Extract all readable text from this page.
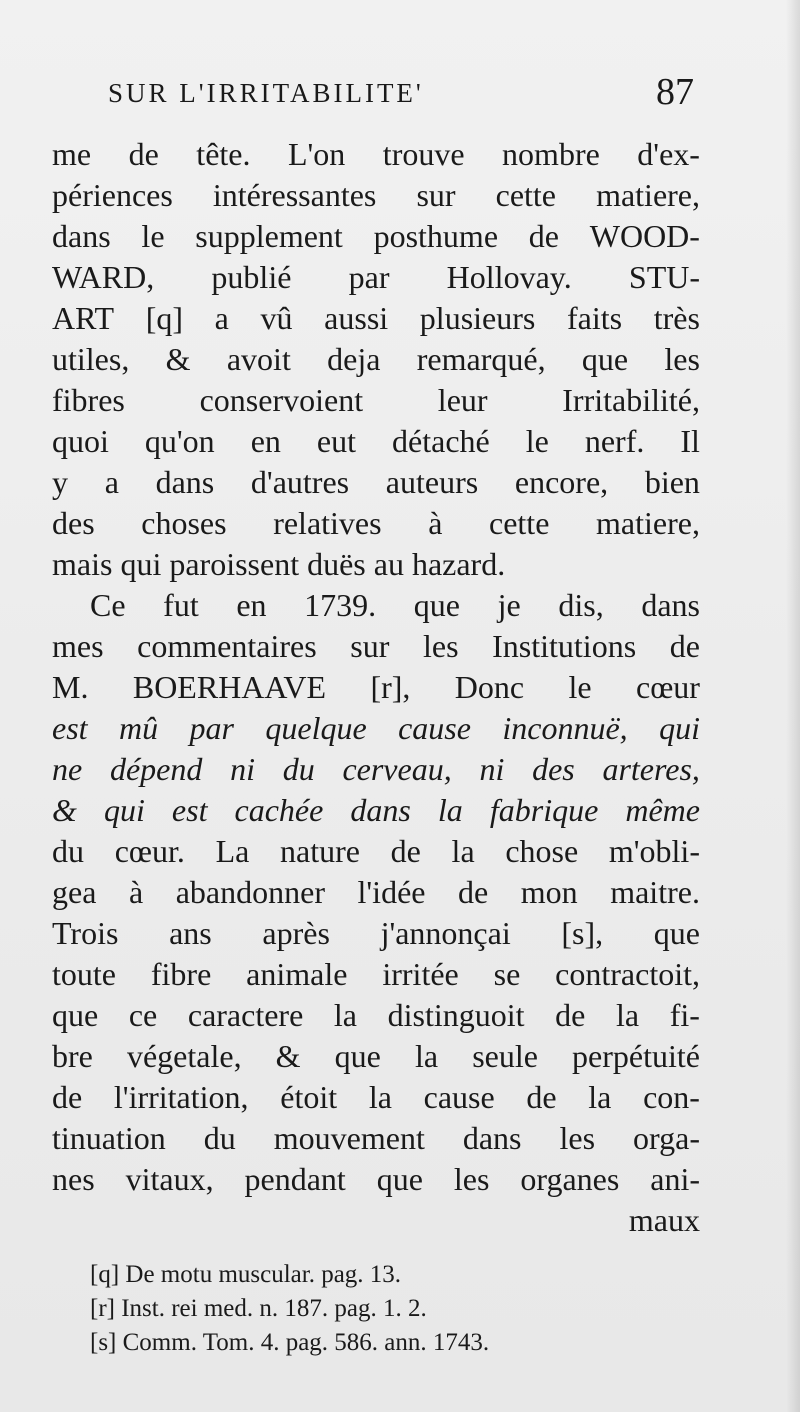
SUR L'IRRITABILITE'	87
me de tête. L'on trouve nombre d'ex-
périences intéressantes sur cette matiere,
dans le supplement posthume de WOOD-
WARD, publié par Hollovay. STU-
ART [q] a vû aussi plusieurs faits très
utiles, & avoit deja remarqué, que les
fibres conservoient leur Irritabilité,
quoi qu'on en eut détaché le nerf. Il
y a dans d'autres auteurs encore, bien
des choses relatives à cette matiere,
mais qui paroissent duës au hazard.
Ce fut en 1739. que je dis, dans
mes commentaires sur les Institutions de
M. BOERHAAVE [r], Donc le cœur
est mû par quelque cause inconnuë, qui
ne dépend ni du cerveau, ni des arteres,
& qui est cachée dans la fabrique même
du cœur. La nature de la chose m'obli-
gea à abandonner l'idée de mon maitre.
Trois ans après j'annonçai [s], que
toute fibre animale irritée se contractoit,
que ce caractere la distinguoit de la fi-
bre végetale, & que la seule perpétuité
de l'irritation, étoit la cause de la con-
tinuation du mouvement dans les orga-
nes vitaux, pendant que les organes ani-
maux
[q] De motu muscular. pag. 13.
[r] Inst. rei med. n. 187. pag. 1. 2.
[s] Comm. Tom. 4. pag. 586. ann. 1743.
